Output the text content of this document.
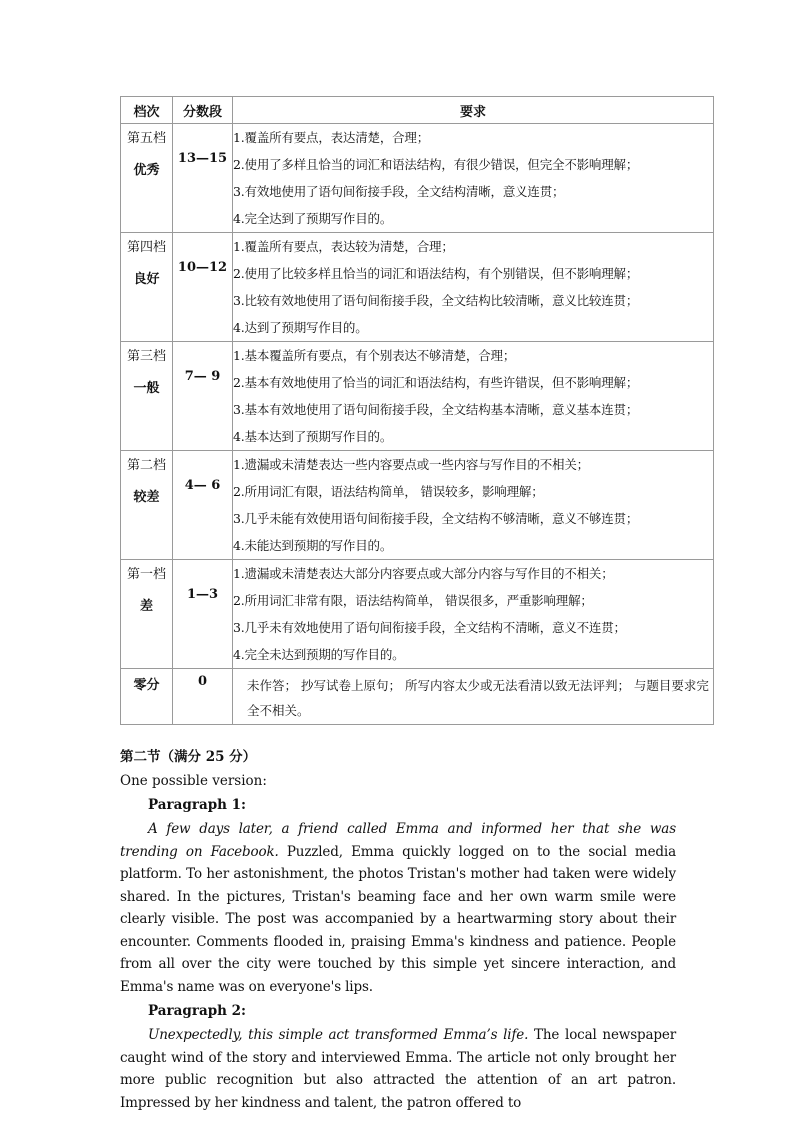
档次	分数段	要求

第五档
优秀	13—15	1.覆盖所有要点，表达清楚，合理；
2.使用了多样且恰当的词汇和语法结构，有很少错误，但完全不影响理解；
3.有效地使用了语句间衔接手段，全文结构清晰，意义连贯；
4.完全达到了预期写作目的。

第四档
良好	10—12	1.覆盖所有要点，表达较为清楚，合理；
2.使用了比较多样且恰当的词汇和语法结构，有个别错误，但不影响理解；
3.比较有效地使用了语句间衔接手段，全文结构比较清晰，意义比较连贯；
4.达到了预期写作目的。

第三档
一般	7— 9	1.基本覆盖所有要点，有个别表达不够清楚，合理；
2.基本有效地使用了恰当的词汇和语法结构，有些许错误，但不影响理解；
3.基本有效地使用了语句间衔接手段，全文结构基本清晰，意义基本连贯；
4.基本达到了预期写作目的。

第二档
较差	4— 6	1.遗漏或未清楚表达一些内容要点或一些内容与写作目的不相关；
2.所用词汇有限，语法结构简单， 错误较多，影响理解；
3.几乎未能有效使用语句间衔接手段，全文结构不够清晰，意义不够连贯；
4.未能达到预期的写作目的。

第一档
差	1—3	1.遗漏或未清楚表达大部分内容要点或大部分内容与写作目的不相关；
2.所用词汇非常有限，语法结构简单， 错误很多，严重影响理解；
3.几乎未有效地使用了语句间衔接手段，全文结构不清晰，意义不连贯；
4.完全未达到预期的写作目的。

零分	0	未作答； 抄写试卷上原句； 所写内容太少或无法看清以致无法评判； 与题目要求完全不相关。

第二节（满分 25 分）

One possible version:

Paragraph 1:

A few days later, a friend called Emma and informed her that she was trending on Facebook. Puzzled, Emma quickly logged on to the social media platform. To her astonishment, the photos Tristan's mother had taken were widely shared. In the pictures, Tristan's beaming face and her own warm smile were clearly visible. The post was accompanied by a heartwarming story about their encounter. Comments flooded in, praising Emma's kindness and patience. People from all over the city were touched by this simple yet sincere interaction, and Emma's name was on everyone's lips.

Paragraph 2:

Unexpectedly, this simple act transformed Emma’s life. The local newspaper caught wind of the story and interviewed Emma. The article not only brought her more public recognition but also attracted the attention of an art patron. Impressed by her kindness and talent, the patron offered to
